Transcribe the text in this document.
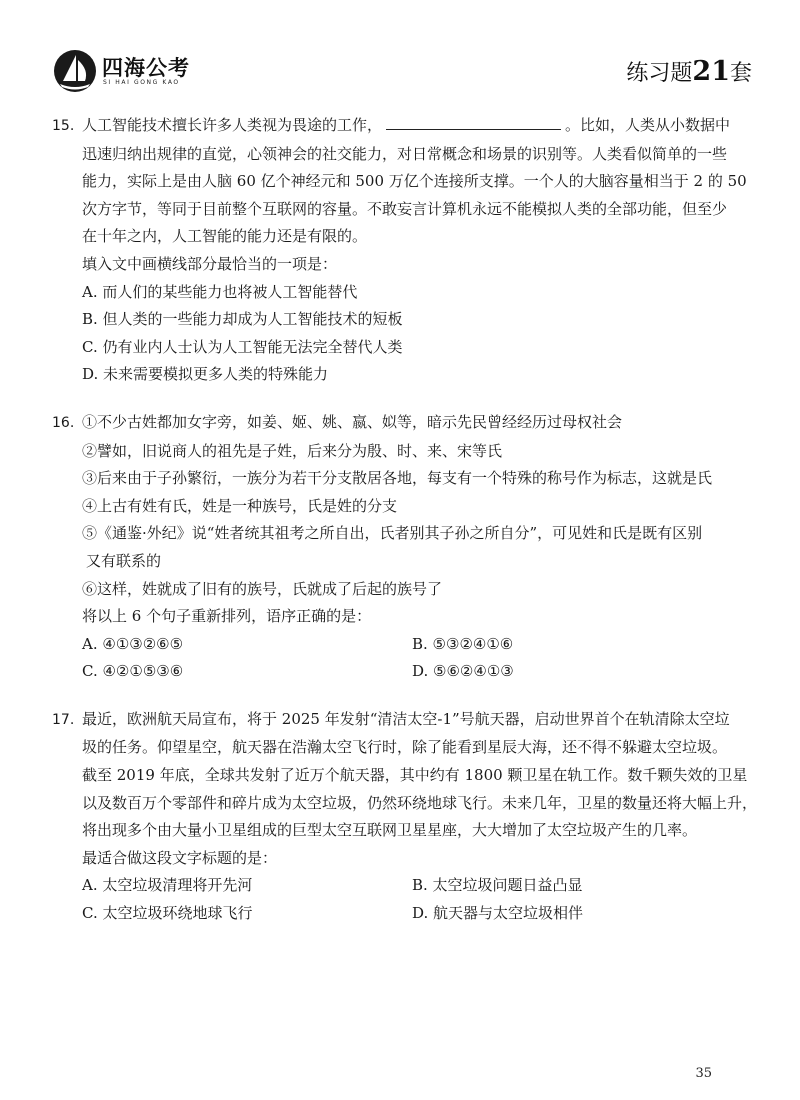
四海公考
SI HAI GONG KAO	练习题21套
15. 人工智能技术擅长许多人类视为畏途的工作，	。比如，人类从小数据中
迅速归纳出规律的直觉，心领神会的社交能力，对日常概念和场景的识别等。人类看似简单的一些
能力，实际上是由人脑 60 亿个神经元和 500 万亿个连接所支撑。一个人的大脑容量相当于 2 的 50
次方字节，等同于目前整个互联网的容量。不敢妄言计算机永远不能模拟人类的全部功能，但至少
在十年之内，人工智能的能力还是有限的。
填入文中画横线部分最恰当的一项是：
A. 而人们的某些能力也将被人工智能替代
B. 但人类的一些能力却成为人工智能技术的短板
C. 仍有业内人士认为人工智能无法完全替代人类
D. 未来需要模拟更多人类的特殊能力
16. ①不少古姓都加女字旁，如姜、姬、姚、嬴、姒等，暗示先民曾经经历过母权社会
②譬如，旧说商人的祖先是子姓，后来分为殷、时、来、宋等氏
③后来由于子孙繁衍，一族分为若干分支散居各地，每支有一个特殊的称号作为标志，这就是氏
④上古有姓有氏，姓是一种族号，氏是姓的分支
⑤《通鉴·外纪》说“姓者统其祖考之所自出，氏者别其子孙之所自分”，可见姓和氏是既有区别
又有联系的
⑥这样，姓就成了旧有的族号，氏就成了后起的族号了
将以上 6 个句子重新排列，语序正确的是：
A. ④①③②⑥⑤	B. ⑤③②④①⑥
C. ④②①⑤③⑥	D. ⑤⑥②④①③
17. 最近，欧洲航天局宣布，将于 2025 年发射“清洁太空-1”号航天器，启动世界首个在轨清除太空垃
圾的任务。仰望星空，航天器在浩瀚太空飞行时，除了能看到星辰大海，还不得不躲避太空垃圾。
截至 2019 年底，全球共发射了近万个航天器，其中约有 1800 颗卫星在轨工作。数千颗失效的卫星
以及数百万个零部件和碎片成为太空垃圾，仍然环绕地球飞行。未来几年，卫星的数量还将大幅上升，
将出现多个由大量小卫星组成的巨型太空互联网卫星星座，大大增加了太空垃圾产生的几率。
最适合做这段文字标题的是：
A. 太空垃圾清理将开先河	B. 太空垃圾问题日益凸显
C. 太空垃圾环绕地球飞行	D. 航天器与太空垃圾相伴
35
